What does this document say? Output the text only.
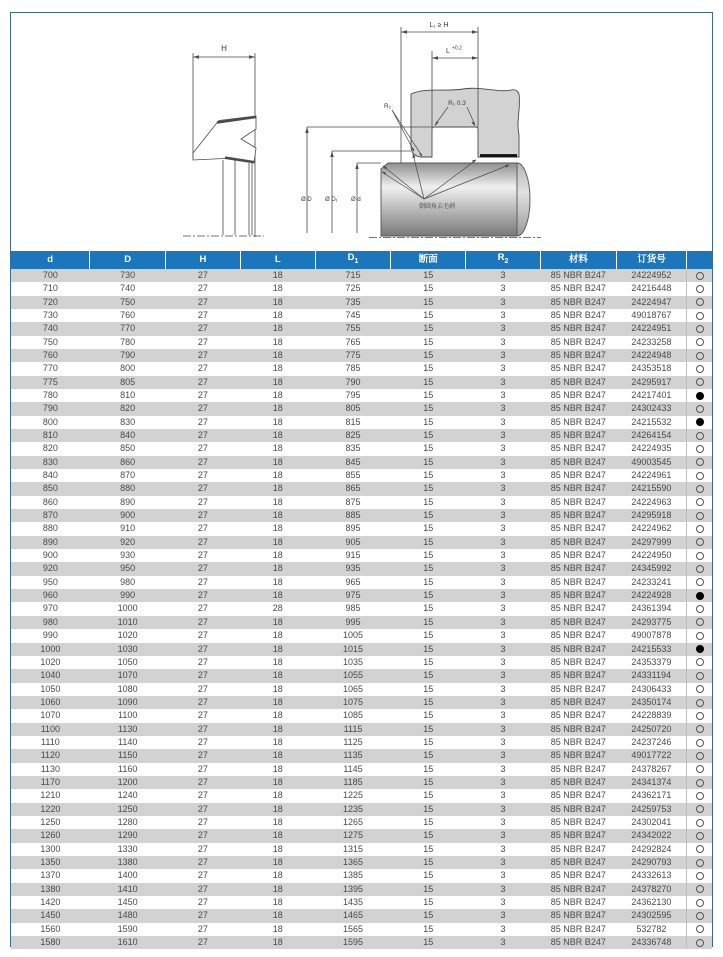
H
L₁ ≥ H
L +0.2
R₁ 0.3
R₂
Ø D Ø D₁ Ø d
倒圆角去毛刺
d	D	H	L	$D_1$	断面	$R_2$	材料	订货号	
700	730	27	18	715	15	3	85 NBR B247	24224952	
710	740	27	18	725	15	3	85 NBR B247	24216448	
720	750	27	18	735	15	3	85 NBR B247	24224947	
730	760	27	18	745	15	3	85 NBR B247	49018767	
740	770	27	18	755	15	3	85 NBR B247	24224951	
750	780	27	18	765	15	3	85 NBR B247	24233258	
760	790	27	18	775	15	3	85 NBR B247	24224948	
770	800	27	18	785	15	3	85 NBR B247	24353518	
775	805	27	18	790	15	3	85 NBR B247	24295917	
780	810	27	18	795	15	3	85 NBR B247	24217401	
790	820	27	18	805	15	3	85 NBR B247	24302433	
800	830	27	18	815	15	3	85 NBR B247	24215532	
810	840	27	18	825	15	3	85 NBR B247	24264154	
820	850	27	18	835	15	3	85 NBR B247	24224935	
830	860	27	18	845	15	3	85 NBR B247	49003545	
840	870	27	18	855	15	3	85 NBR B247	24224961	
850	880	27	18	865	15	3	85 NBR B247	24215590	
860	890	27	18	875	15	3	85 NBR B247	24224963	
870	900	27	18	885	15	3	85 NBR B247	24295918	
880	910	27	18	895	15	3	85 NBR B247	24224962	
890	920	27	18	905	15	3	85 NBR B247	24297999	
900	930	27	18	915	15	3	85 NBR B247	24224950	
920	950	27	18	935	15	3	85 NBR B247	24345992	
950	980	27	18	965	15	3	85 NBR B247	24233241	
960	990	27	18	975	15	3	85 NBR B247	24224928	
970	1000	27	28	985	15	3	85 NBR B247	24361394	
980	1010	27	18	995	15	3	85 NBR B247	24293775	
990	1020	27	18	1005	15	3	85 NBR B247	49007878	
1000	1030	27	18	1015	15	3	85 NBR B247	24215533	
1020	1050	27	18	1035	15	3	85 NBR B247	24353379	
1040	1070	27	18	1055	15	3	85 NBR B247	24331194	
1050	1080	27	18	1065	15	3	85 NBR B247	24306433	
1060	1090	27	18	1075	15	3	85 NBR B247	24350174	
1070	1100	27	18	1085	15	3	85 NBR B247	24228839	
1100	1130	27	18	1115	15	3	85 NBR B247	24250720	
1110	1140	27	18	1125	15	3	85 NBR B247	24237246	
1120	1150	27	18	1135	15	3	85 NBR B247	49017722	
1130	1160	27	18	1145	15	3	85 NBR B247	24378267	
1170	1200	27	18	1185	15	3	85 NBR B247	24341374	
1210	1240	27	18	1225	15	3	85 NBR B247	24362171	
1220	1250	27	18	1235	15	3	85 NBR B247	24259753	
1250	1280	27	18	1265	15	3	85 NBR B247	24302041	
1260	1290	27	18	1275	15	3	85 NBR B247	24342022	
1300	1330	27	18	1315	15	3	85 NBR B247	24292824	
1350	1380	27	18	1365	15	3	85 NBR B247	24290793	
1370	1400	27	18	1385	15	3	85 NBR B247	24332613	
1380	1410	27	18	1395	15	3	85 NBR B247	24378270	
1420	1450	27	18	1435	15	3	85 NBR B247	24362130	
1450	1480	27	18	1465	15	3	85 NBR B247	24302595	
1560	1590	27	18	1565	15	3	85 NBR B247	532782	
1580	1610	27	18	1595	15	3	85 NBR B247	24336748	
